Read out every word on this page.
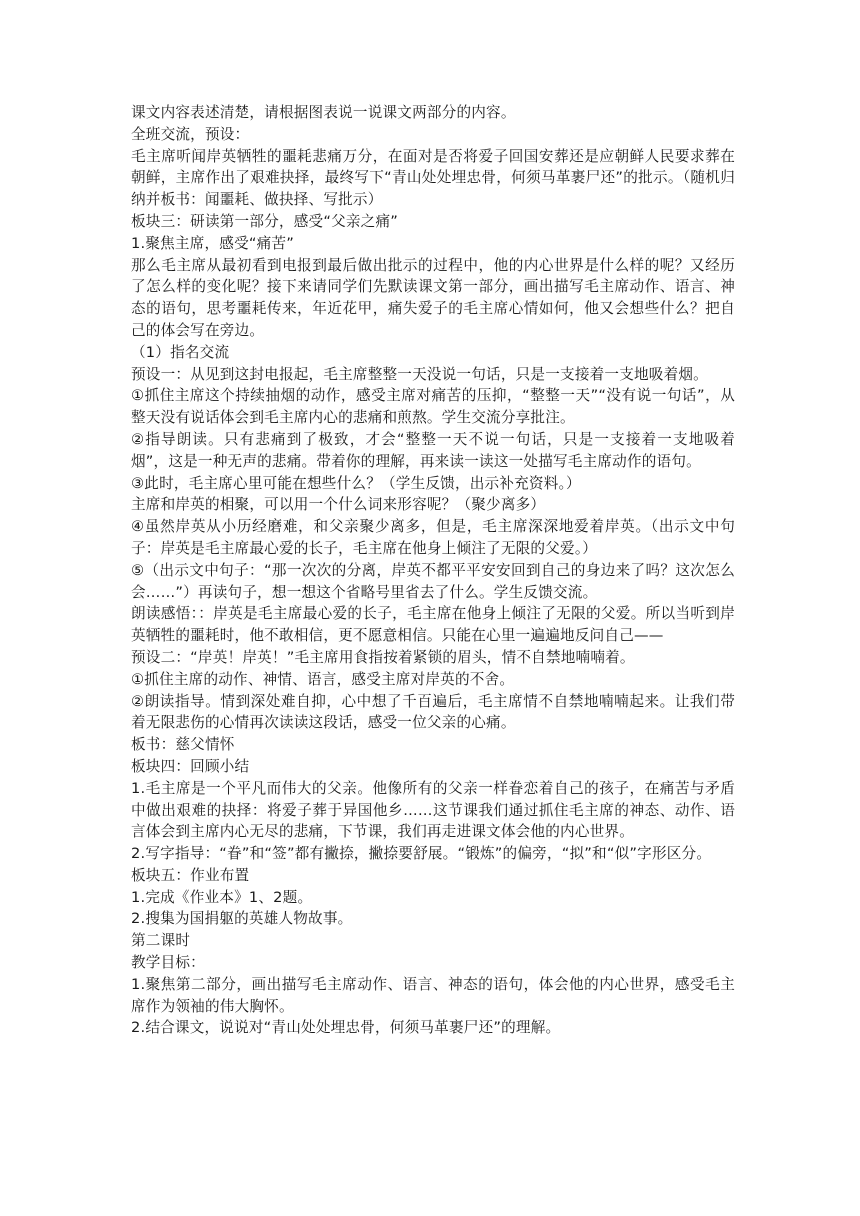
课文内容表述清楚，请根据图表说一说课文两部分的内容。

全班交流，预设：

毛主席听闻岸英牺牲的噩耗悲痛万分，在面对是否将爱子回国安葬还是应朝鲜人民要求葬在朝鲜，主席作出了艰难抉择，最终写下“青山处处埋忠骨，何须马革裹尸还”的批示。（随机归纳并板书：闻噩耗、做抉择、写批示）

板块三：研读第一部分，感受“父亲之痛”

1.聚焦主席，感受“痛苦”

那么毛主席从最初看到电报到最后做出批示的过程中，他的内心世界是什么样的呢？又经历了怎么样的变化呢？接下来请同学们先默读课文第一部分，画出描写毛主席动作、语言、神态的语句，思考噩耗传来，年近花甲，痛失爱子的毛主席心情如何，他又会想些什么？把自己的体会写在旁边。

（1）指名交流

预设一：从见到这封电报起，毛主席整整一天没说一句话，只是一支接着一支地吸着烟。

①抓住主席这个持续抽烟的动作，感受主席对痛苦的压抑，“整整一天”“没有说一句话”，从整天没有说话体会到毛主席内心的悲痛和煎熬。学生交流分享批注。

②指导朗读。只有悲痛到了极致，才会“整整一天不说一句话，只是一支接着一支地吸着烟”，这是一种无声的悲痛。带着你的理解，再来读一读这一处描写毛主席动作的语句。

③此时，毛主席心里可能在想些什么？（学生反馈，出示补充资料。）

主席和岸英的相聚，可以用一个什么词来形容呢？（聚少离多）

④虽然岸英从小历经磨难，和父亲聚少离多，但是，毛主席深深地爱着岸英。（出示文中句子：岸英是毛主席最心爱的长子，毛主席在他身上倾注了无限的父爱。）

⑤（出示文中句子：“那一次次的分离，岸英不都平平安安回到自己的身边来了吗？这次怎么会……”）再读句子，想一想这个省略号里省去了什么。学生反馈交流。

朗读感悟：：岸英是毛主席最心爱的长子，毛主席在他身上倾注了无限的父爱。所以当听到岸英牺牲的噩耗时，他不敢相信，更不愿意相信。只能在心里一遍遍地反问自己——

预设二：“岸英！岸英！”毛主席用食指按着紧锁的眉头，情不自禁地喃喃着。

①抓住主席的动作、神情、语言，感受主席对岸英的不舍。

②朗读指导。情到深处难自抑，心中想了千百遍后，毛主席情不自禁地喃喃起来。让我们带着无限悲伤的心情再次读读这段话，感受一位父亲的心痛。

板书：慈父情怀

板块四：回顾小结

1.毛主席是一个平凡而伟大的父亲。他像所有的父亲一样眷恋着自己的孩子，在痛苦与矛盾中做出艰难的抉择：将爱子葬于异国他乡……这节课我们通过抓住毛主席的神态、动作、语言体会到主席内心无尽的悲痛，下节课，我们再走进课文体会他的内心世界。

2.写字指导：“眷”和“签”都有撇捺，撇捺要舒展。“锻炼”的偏旁，“拟”和“似”字形区分。

板块五：作业布置

1.完成《作业本》1、2题。

2.搜集为国捐躯的英雄人物故事。

第二课时

教学目标：

1.聚焦第二部分，画出描写毛主席动作、语言、神态的语句，体会他的内心世界，感受毛主席作为领袖的伟大胸怀。

2.结合课文，说说对“青山处处埋忠骨，何须马革裹尸还”的理解。
